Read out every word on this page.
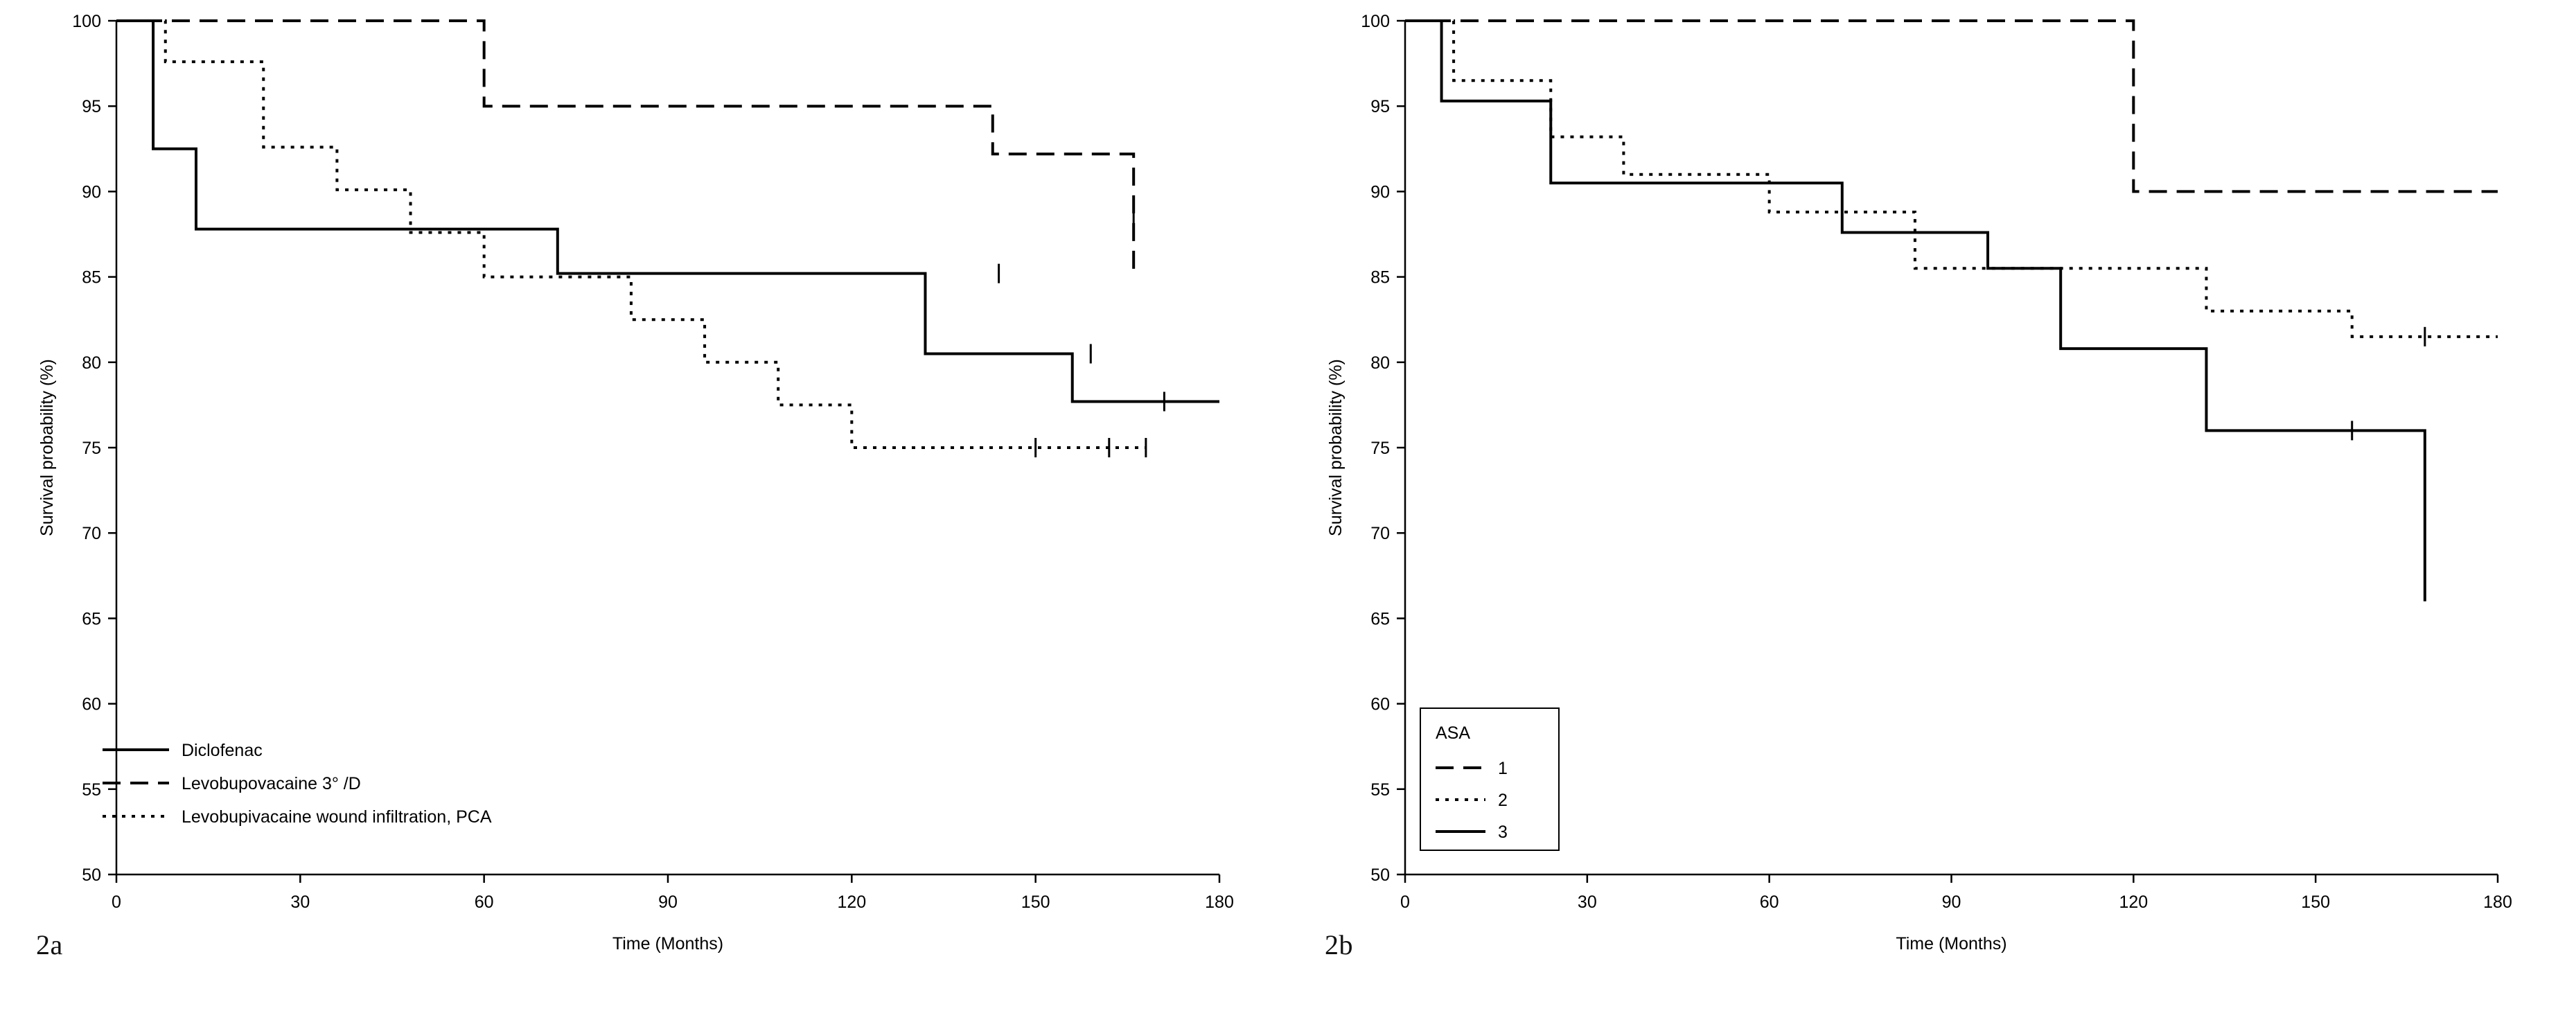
50
55
60
65
70
75
80
85
90
95
100
0	30	60	90	120	150	180
Time (Months)
Survival probability (%)
Diclofenac
Levobupovacaine 3° /D
Levobupivacaine wound infiltration, PCA
2a
50
55
60
65
70
75
80
85
90
95
100
0	30	60	90	120	150	180
Time (Months)
Survival probability (%)
ASA
1
2
3
2b
